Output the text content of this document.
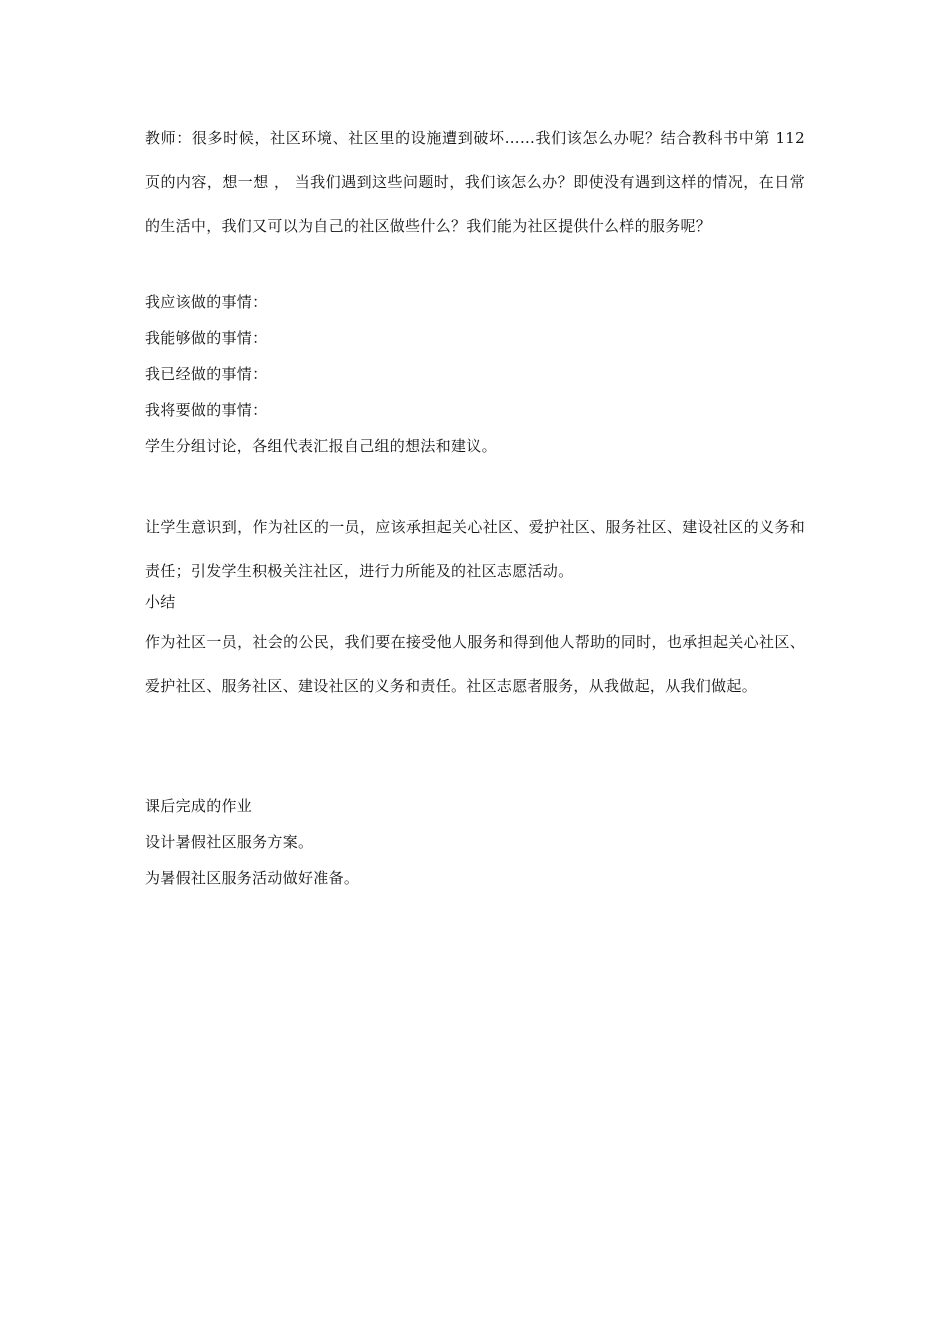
教师：很多时候，社区环境、社区里的设施遭到破坏……我们该怎么办呢？结合教科书中第 112 页的内容，想一想 ， 当我们遇到这些问题时，我们该怎么办？即使没有遇到这样的情况，在日常的生活中，我们又可以为自己的社区做些什么？我们能为社区提供什么样的服务呢？

我应该做的事情：

我能够做的事情：

我已经做的事情：

我将要做的事情：

学生分组讨论，各组代表汇报自己组的想法和建议。

让学生意识到，作为社区的一员，应该承担起关心社区、爱护社区、服务社区、建设社区的义务和责任；引发学生积极关注社区，进行力所能及的社区志愿活动。

小结

作为社区一员，社会的公民，我们要在接受他人服务和得到他人帮助的同时，也承担起关心社区、爱护社区、服务社区、建设社区的义务和责任。社区志愿者服务，从我做起，从我们做起。

课后完成的作业

设计暑假社区服务方案。

为暑假社区服务活动做好准备。
